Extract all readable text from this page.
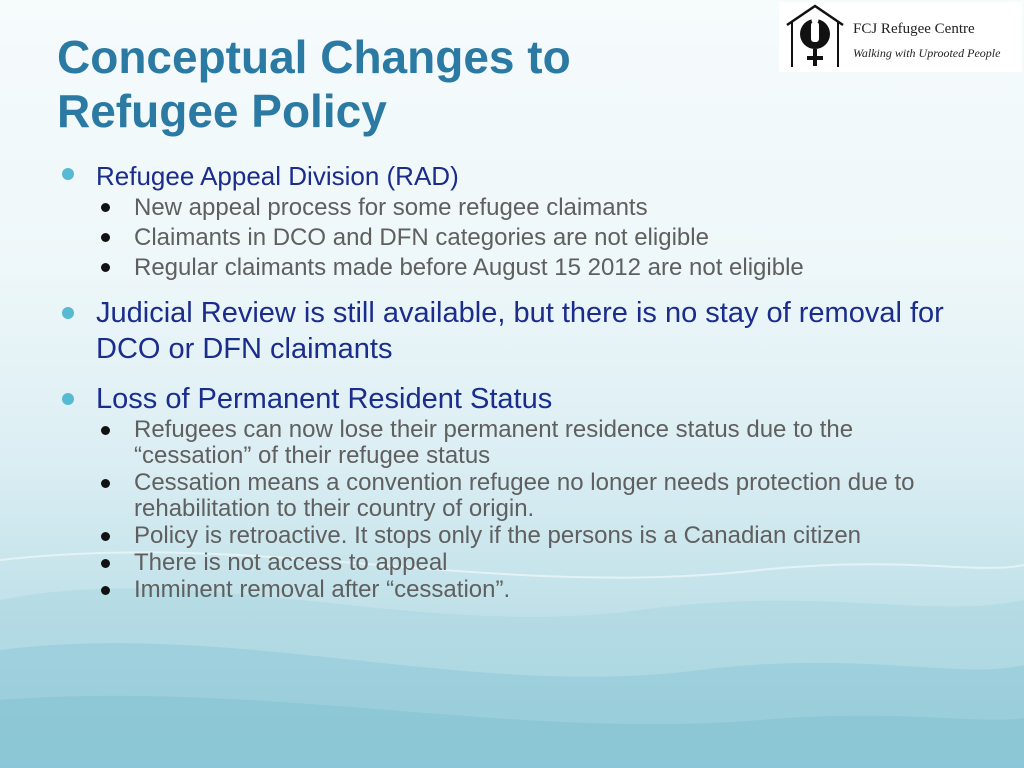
Conceptual Changes to
Refugee Policy
FCJ Refugee Centre
Walking with Uprooted People
Refugee Appeal Division (RAD)
New appeal process for some refugee claimants
Claimants in DCO and DFN categories are not eligible
Regular claimants made before August 15 2012 are not eligible
Judicial Review is still available, but there is no stay of removal for DCO or DFN claimants
Loss of Permanent Resident Status
Refugees can now lose their permanent residence status due to the “cessation” of their refugee status
Cessation means a convention refugee no longer needs protection due to rehabilitation to their country of origin.
Policy is retroactive. It stops only if the persons is a Canadian citizen
There is not access to appeal
Imminent removal after “cessation”.
